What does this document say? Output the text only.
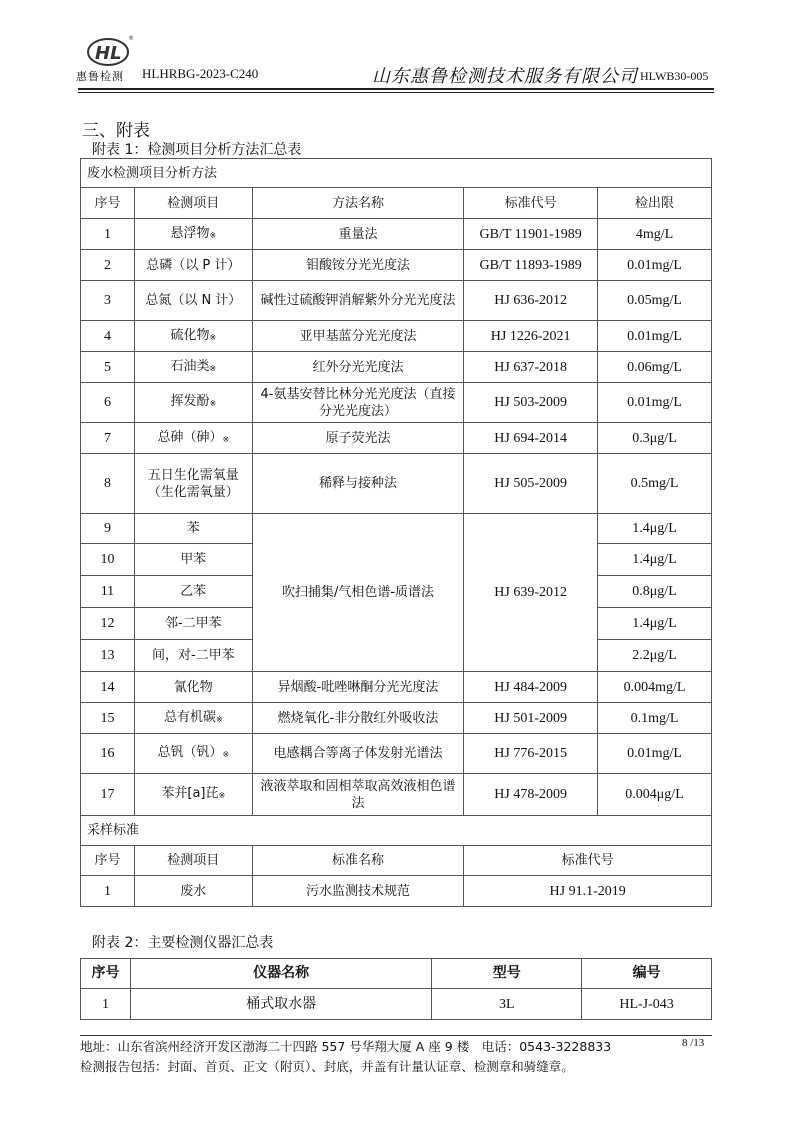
HL
®
惠鲁检测 HLHRBG-2023-C240	山东惠鲁检测技术服务有限公司 HLWB30-005
三、附表
附表 1：检测项目分析方法汇总表
废水检测项目分析方法				
序号	检测项目	方法名称	标准代号	检出限
1	悬浮物※	重量法	GB/T 11901-1989	4mg/L
2	总磷（以 P 计）	钼酸铵分光光度法	GB/T 11893-1989	0.01mg/L
3	总氮（以 N 计）	碱性过硫酸钾消解紫外分光光度法	HJ 636-2012	0.05mg/L
4	硫化物※	亚甲基蓝分光光度法	HJ 1226-2021	0.01mg/L
5	石油类※	红外分光光度法	HJ 637-2018	0.06mg/L
6	挥发酚※	4-氨基安替比林分光光度法（直接分光光度法）	HJ 503-2009	0.01mg/L
7	总砷（砷）※	原子荧光法	HJ 694-2014	0.3μg/L
8	五日生化需氧量（生化需氧量）	稀释与接种法	HJ 505-2009	0.5mg/L
9	苯	吹扫捕集/气相色谱-质谱法	HJ 639-2012	1.4μg/L
10	甲苯			1.4μg/L
11	乙苯			0.8μg/L
12	邻-二甲苯			1.4μg/L
13	间，对-二甲苯			2.2μg/L
14	氰化物	异烟酸-吡唑啉酮分光光度法	HJ 484-2009	0.004mg/L
15	总有机碳※	燃烧氧化-非分散红外吸收法	HJ 501-2009	0.1mg/L
16	总钒（钒）※	电感耦合等离子体发射光谱法	HJ 776-2015	0.01mg/L
17	苯并[a]芘※	液液萃取和固相萃取高效液相色谱法	HJ 478-2009	0.004μg/L
采样标准				
序号	检测项目	标准名称	标准代号	
1	废水	污水监测技术规范	HJ 91.1-2019	
附表 2：主要检测仪器汇总表
序号	仪器名称	型号	编号
1	桶式取水器	3L	HL-J-043
地址：山东省滨州经济开发区渤海二十四路 557 号华翔大厦 A 座 9 楼　电话：0543-3228833	8 /13
检测报告包括：封面、首页、正文（附页）、封底，并盖有计量认证章、检测章和骑缝章。
